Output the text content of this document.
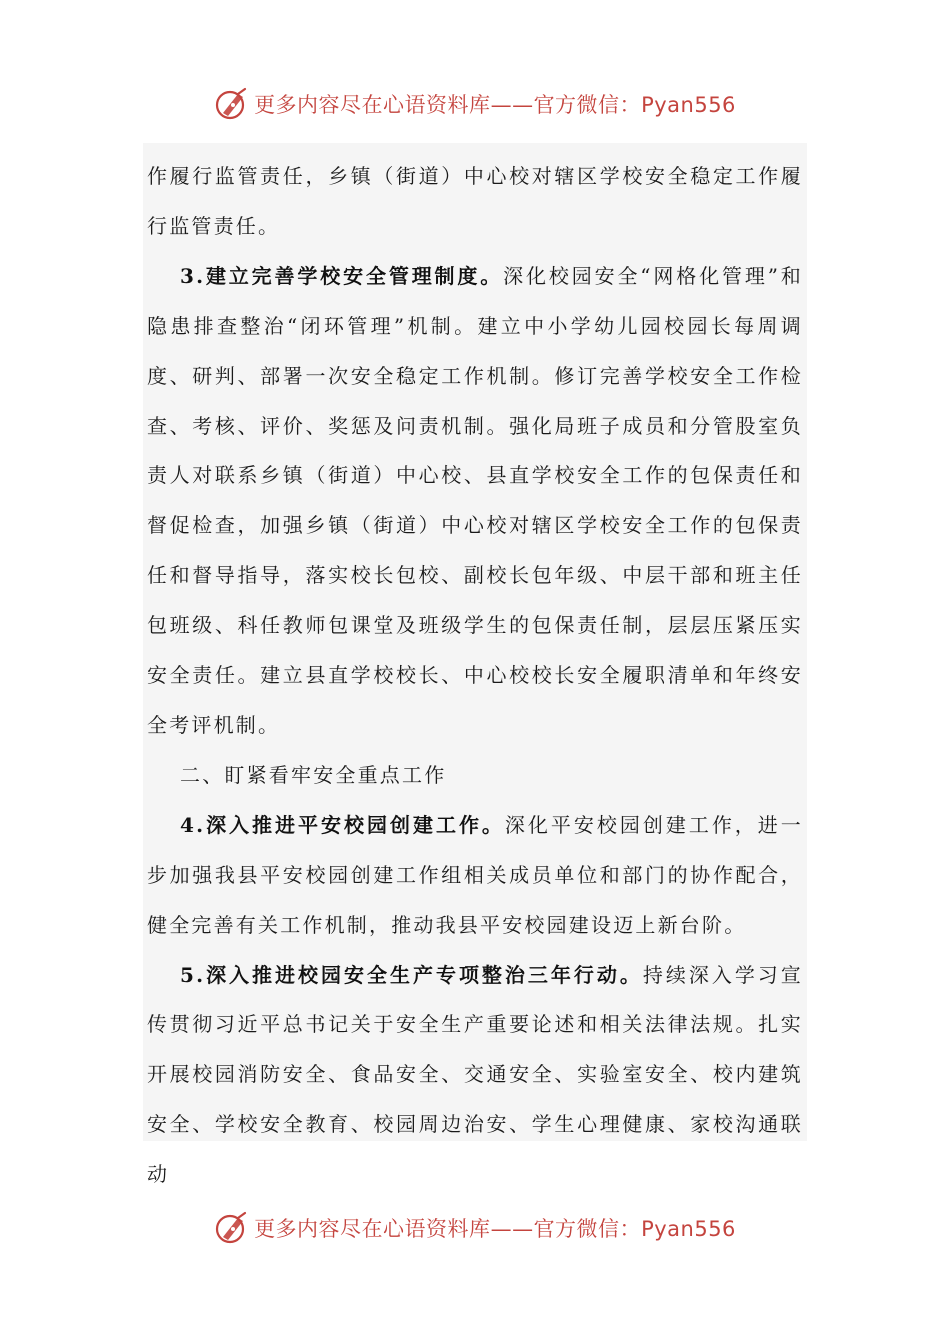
更多内容尽在心语资料库——官方微信：Pyan556

作履行监管责任，乡镇（街道）中心校对辖区学校安全稳定工作履行监管责任。

3.建立完善学校安全管理制度。深化校园安全“网格化管理”和隐患排查整治“闭环管理”机制。建立中小学幼儿园校园长每周调度、研判、部署一次安全稳定工作机制。修订完善学校安全工作检查、考核、评价、奖惩及问责机制。强化局班子成员和分管股室负责人对联系乡镇（街道）中心校、县直学校安全工作的包保责任和督促检查，加强乡镇（街道）中心校对辖区学校安全工作的包保责任和督导指导，落实校长包校、副校长包年级、中层干部和班主任包班级、科任教师包课堂及班级学生的包保责任制，层层压紧压实安全责任。建立县直学校校长、中心校校长安全履职清单和年终安全考评机制。

二、盯紧看牢安全重点工作

4.深入推进平安校园创建工作。深化平安校园创建工作，进一步加强我县平安校园创建工作组相关成员单位和部门的协作配合，健全完善有关工作机制，推动我县平安校园建设迈上新台阶。

5.深入推进校园安全生产专项整治三年行动。持续深入学习宣传贯彻习近平总书记关于安全生产重要论述和相关法律法规。扎实开展校园消防安全、食品安全、交通安全、实验室安全、校内建筑安全、学校安全教育、校园周边治安、学生心理健康、家校沟通联动

更多内容尽在心语资料库——官方微信：Pyan556
